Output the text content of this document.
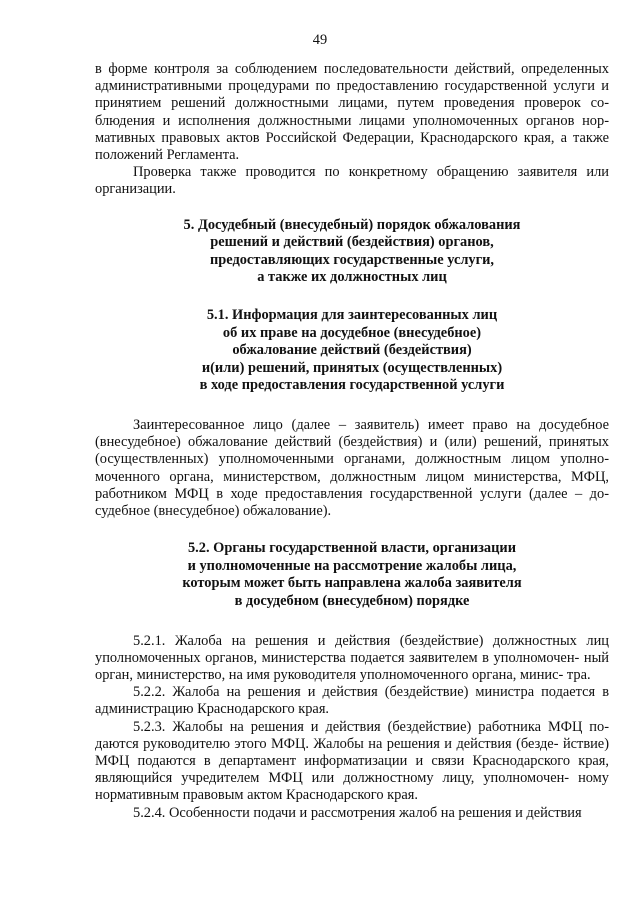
49

в форме контроля за соблюдением последовательности действий, определенных административными процедурами по предоставлению государственной услуги и принятием решений должностными лицами, путем проведения проверок со- блюдения и исполнения должностными лицами уполномоченных органов нор- мативных правовых актов Российской Федерации, Краснодарского края, а также положений Регламента.

Проверка также проводится по конкретному обращению заявителя или организации.

5. Досудебный (внесудебный) порядок обжалования
решений и действий (бездействия) органов,
предоставляющих государственные услуги,
а также их должностных лиц
5.1. Информация для заинтересованных лиц
об их праве на досудебное (внесудебное)
обжалование действий (бездействия)
и(или) решений, принятых (осуществленных)
в ходе предоставления государственной услуги

Заинтересованное лицо (далее – заявитель) имеет право на досудебное (внесудебное) обжалование действий (бездействия) и (или) решений, принятых (осуществленных) уполномоченными органами, должностным лицом уполно- моченного органа, министерством, должностным лицом министерства, МФЦ, работником МФЦ в ходе предоставления государственной услуги (далее – до- судебное (внесудебное) обжалование).

5.2. Органы государственной власти, организации
и уполномоченные на рассмотрение жалобы лица,
которым может быть направлена жалоба заявителя
в досудебном (внесудебном) порядке

5.2.1. Жалоба на решения и действия (бездействие) должностных лиц уполномоченных органов, министерства подается заявителем в уполномочен- ный орган, министерство, на имя руководителя уполномоченного органа, минис- тра.

5.2.2. Жалоба на решения и действия (бездействие) министра подается в администрацию Краснодарского края.

5.2.3. Жалобы на решения и действия (бездействие) работника МФЦ по- даются руководителю этого МФЦ. Жалобы на решения и действия (безде- йствие) МФЦ подаются в департамент информатизации и связи Краснодарского края, являющийся учредителем МФЦ или должностному лицу, уполномочен- ному нормативным правовым актом Краснодарского края.

5.2.4. Особенности подачи и рассмотрения жалоб на решения и действия
